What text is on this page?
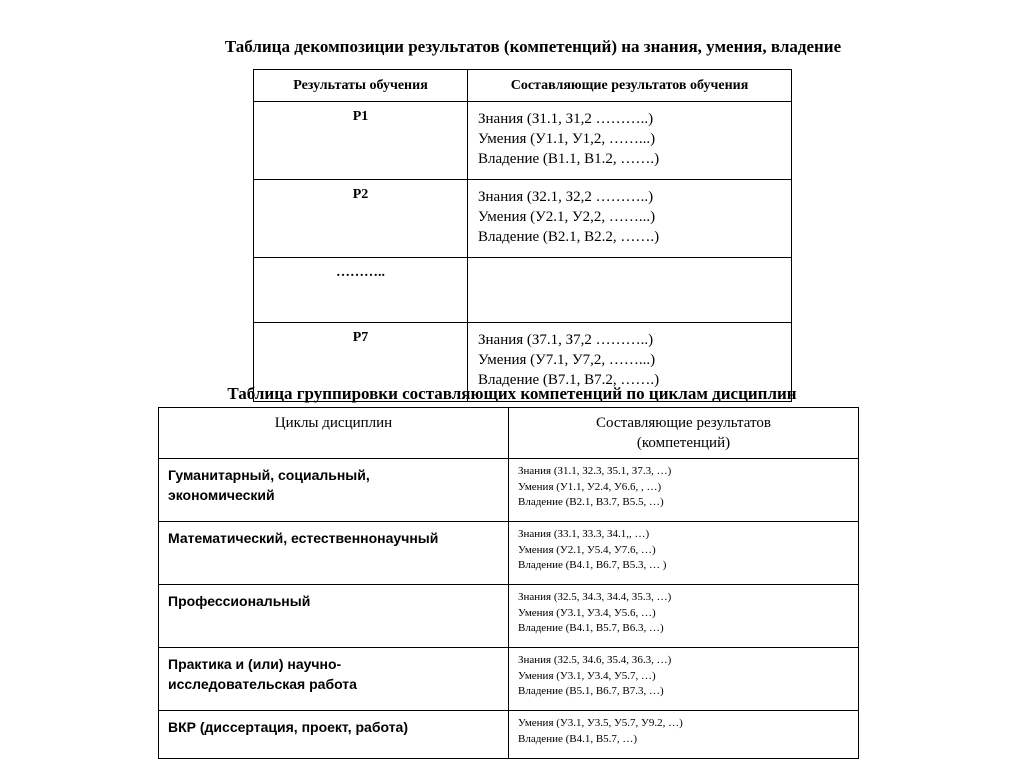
Таблица декомпозиции результатов (компетенций) на знания, умения, владение
Результаты обучения	Составляющие результатов обучения
Р1	Знания (З1.1, З1,2 ………..)
Умения (У1.1, У1,2, ……...)
Владение (В1.1, В1.2, …….)

Р2	Знания (З2.1, З2,2 ………..)
Умения (У2.1, У2,2, ……...)
Владение (В2.1, В2.2, …….)

………..	
Р7	Знания (З7.1, З7,2 ………..)
Умения (У7.1, У7,2, ……...)
Владение (В7.1, В7.2, …….)
Таблица группировки составляющих компетенций по циклам дисциплин
Циклы дисциплин	Составляющие результатов
(компетенций)

Гуманитарный, социальный,
экономический	Знания (З1.1, З2.3, З5.1, З7.3, …)
Умения (У1.1, У2.4, У6.6, , …)
Владение (В2.1, В3.7, В5.5, …)

Математический, естественнонаучный	Знания (З3.1, З3.3, З4.1,, …)
Умения (У2.1, У5.4, У7.6, …)
Владение (В4.1, В6.7, В5.3, … )

Профессиональный	Знания (З2.5, З4.3, З4.4, З5.3, …)
Умения (У3.1, У3.4, У5.6, …)
Владение (В4.1, В5.7, В6.3, …)

Практика и (или) научно-
исследовательская работа	Знания (З2.5, З4.6, З5.4, З6.3, …)
Умения (У3.1, У3.4, У5.7, …)
Владение (В5.1, В6.7, В7.3, …)

ВКР (диссертация, проект, работа)	Умения (У3.1, У3.5, У5.7, У9.2, …)
Владение (В4.1, В5.7, …)
